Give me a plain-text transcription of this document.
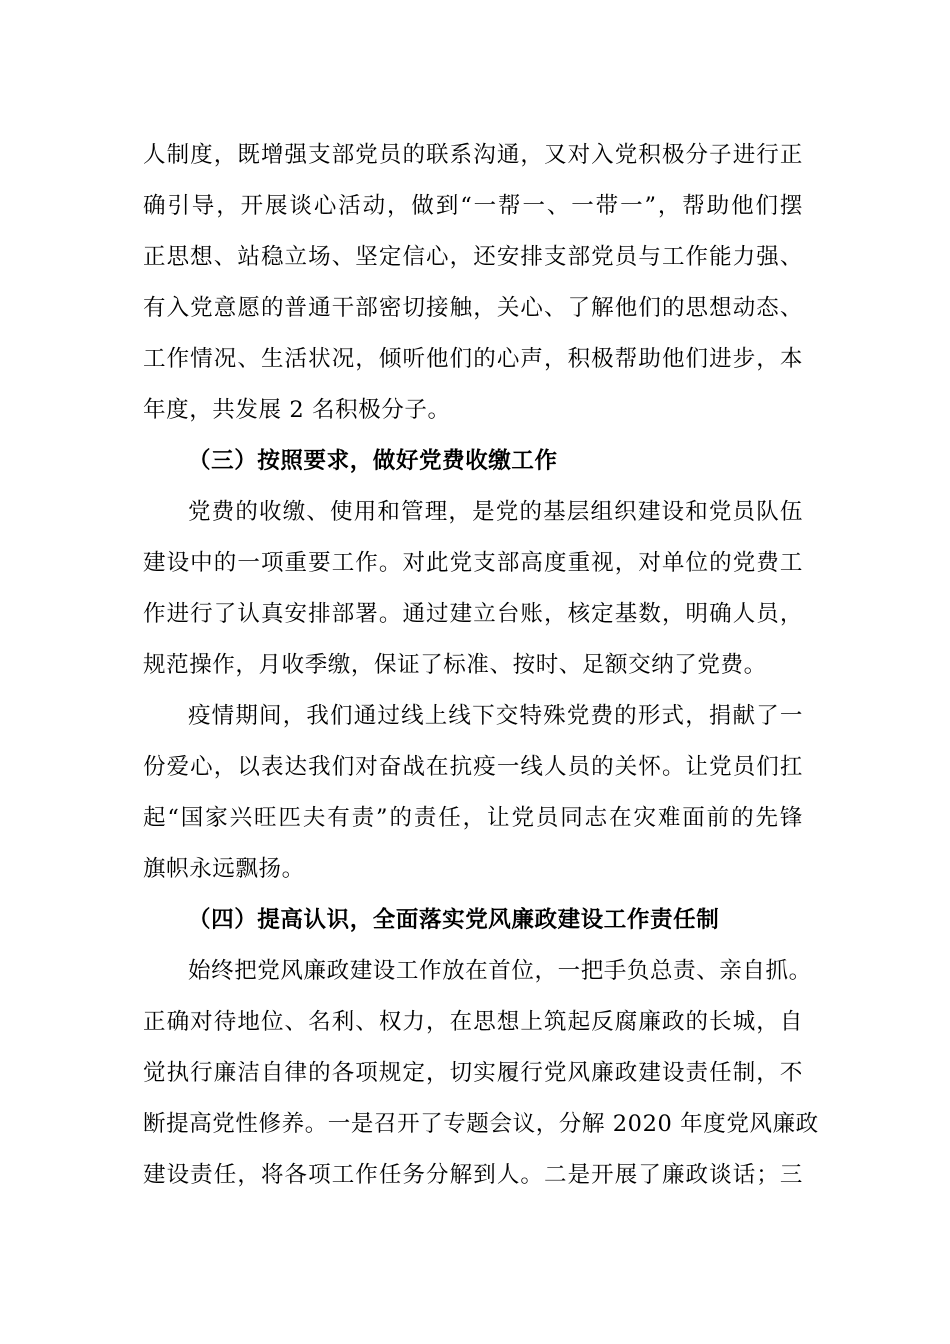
人制度，既增强支部党员的联系沟通，又对入党积极分子进行正
确引导，开展谈心活动，做到“一帮一、一带一”，帮助他们摆
正思想、站稳立场、坚定信心，还安排支部党员与工作能力强、
有入党意愿的普通干部密切接触，关心、了解他们的思想动态、
工作情况、生活状况，倾听他们的心声，积极帮助他们进步，本
年度，共发展 2 名积极分子。

（三）按照要求，做好党费收缴工作

党费的收缴、使用和管理，是党的基层组织建设和党员队伍
建设中的一项重要工作。对此党支部高度重视，对单位的党费工
作进行了认真安排部署。通过建立台账，核定基数，明确人员，
规范操作，月收季缴，保证了标准、按时、足额交纳了党费。

疫情期间，我们通过线上线下交特殊党费的形式，捐献了一
份爱心，以表达我们对奋战在抗疫一线人员的关怀。让党员们扛
起“国家兴旺匹夫有责”的责任，让党员同志在灾难面前的先锋
旗帜永远飘扬。

（四）提高认识，全面落实党风廉政建设工作责任制

始终把党风廉政建设工作放在首位，一把手负总责、亲自抓。
正确对待地位、名利、权力，在思想上筑起反腐廉政的长城，自
觉执行廉洁自律的各项规定，切实履行党风廉政建设责任制，不
断提高党性修养。一是召开了专题会议，分解 2020 年度党风廉政
建设责任，将各项工作任务分解到人。二是开展了廉政谈话；三
